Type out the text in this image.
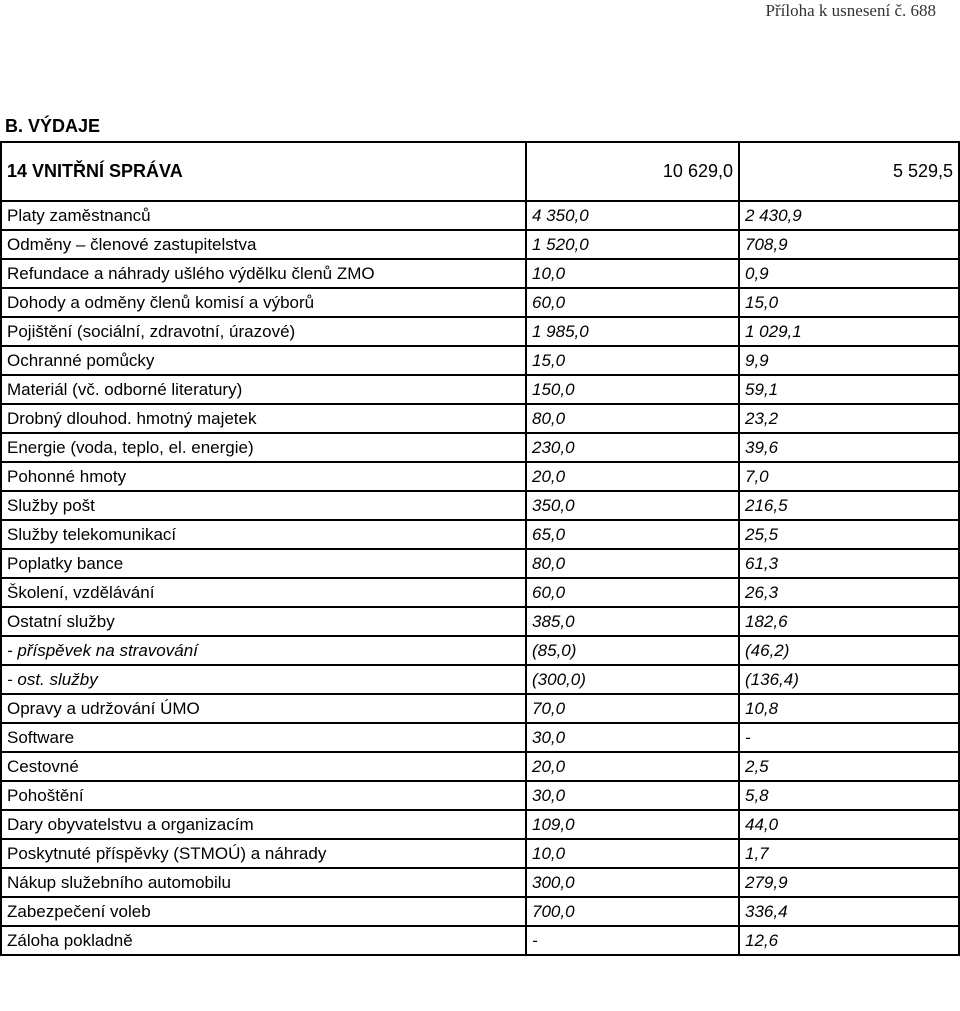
Příloha k usnesení č. 688
B. VÝDAJE
14 VNITŘNÍ SPRÁVA	10 629,0	5 529,5
Platy zaměstnanců	4 350,0	2 430,9
Odměny – členové zastupitelstva	1 520,0	708,9
Refundace a náhrady ušlého výdělku členů ZMO	10,0	0,9
Dohody a odměny členů komisí a výborů	60,0	15,0
Pojištění (sociální, zdravotní, úrazové)	1 985,0	1 029,1
Ochranné pomůcky	15,0	9,9
Materiál (vč. odborné literatury)	150,0	59,1
Drobný dlouhod. hmotný majetek	80,0	23,2
Energie (voda, teplo, el. energie)	230,0	39,6
Pohonné hmoty	20,0	7,0
Služby pošt	350,0	216,5
Služby telekomunikací	65,0	25,5
Poplatky bance	80,0	61,3
Školení, vzdělávání	60,0	26,3
Ostatní služby	385,0	182,6
- příspěvek na stravování	(85,0)	(46,2)
- ost. služby	(300,0)	(136,4)
Opravy a udržování ÚMO	70,0	10,8
Software	30,0	-
Cestovné	20,0	2,5
Pohoštění	30,0	5,8
Dary obyvatelstvu a organizacím	109,0	44,0
Poskytnuté příspěvky (STMOÚ) a náhrady	10,0	1,7
Nákup služebního automobilu	300,0	279,9
Zabezpečení voleb	700,0	336,4
Záloha pokladně	-	12,6
